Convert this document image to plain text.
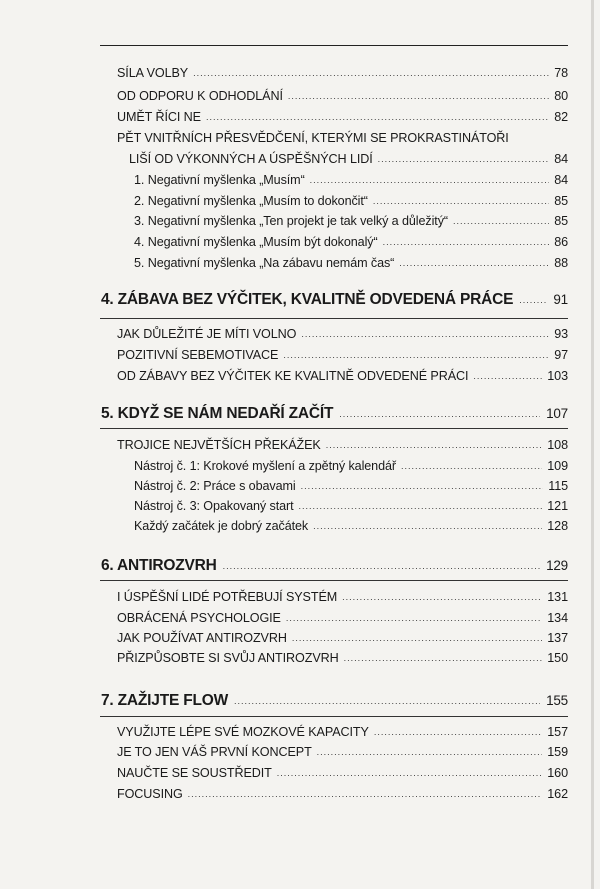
SÍLA VOLBY .....	78
OD ODPORU K ODHODLÁNÍ .....	80
UMĚT ŘÍCI NE .....	82
PĚT VNITŘNÍCH PŘESVĚDČENÍ, KTERÝMI SE PROKRASTINÁTOŘI
LIŠÍ OD VÝKONNÝCH A ÚSPĚŠNÝCH LIDÍ .....	84
1. Negativní myšlenka „Musím“ .....	84
2. Negativní myšlenka „Musím to dokončit“ .....	85
3. Negativní myšlenka „Ten projekt je tak velký a důležitý“ .....	85
4. Negativní myšlenka „Musím být dokonalý“ .....	86
5. Negativní myšlenka „Na zábavu nemám čas“ .....	88
4. ZÁBAVA BEZ VÝČITEK, KVALITNĚ ODVEDENÁ PRÁCE .....	91
JAK DŮLEŽITÉ JE MÍTI VOLNO .....	93
POZITIVNÍ SEBEMOTIVACE .....	97
OD ZÁBAVY BEZ VÝČITEK KE KVALITNĚ ODVEDENÉ PRÁCI .....	103
5. KDYŽ SE NÁM NEDAŘÍ ZAČÍT .....	107
TROJICE NEJVĚTŠÍCH PŘEKÁŽEK .....	108
Nástroj č. 1: Krokové myšlení a zpětný kalendář .....	109
Nástroj č. 2: Práce s obavami .....	115
Nástroj č. 3: Opakovaný start .....	121
Každý začátek je dobrý začátek .....	128
6. ANTIROZVRH .....	129
I ÚSPĚŠNÍ LIDÉ POTŘEBUJÍ SYSTÉM .....	131
OBRÁCENÁ PSYCHOLOGIE .....	134
JAK POUŽÍVAT ANTIROZVRH .....	137
PŘIZPŮSOBTE SI SVŮJ ANTIROZVRH .....	150
7. ZAŽIJTE FLOW .....	155
VYUŽIJTE LÉPE SVÉ MOZKOVÉ KAPACITY .....	157
JE TO JEN VÁŠ PRVNÍ KONCEPT .....	159
NAUČTE SE SOUSTŘEDIT .....	160
FOCUSING .....	162
